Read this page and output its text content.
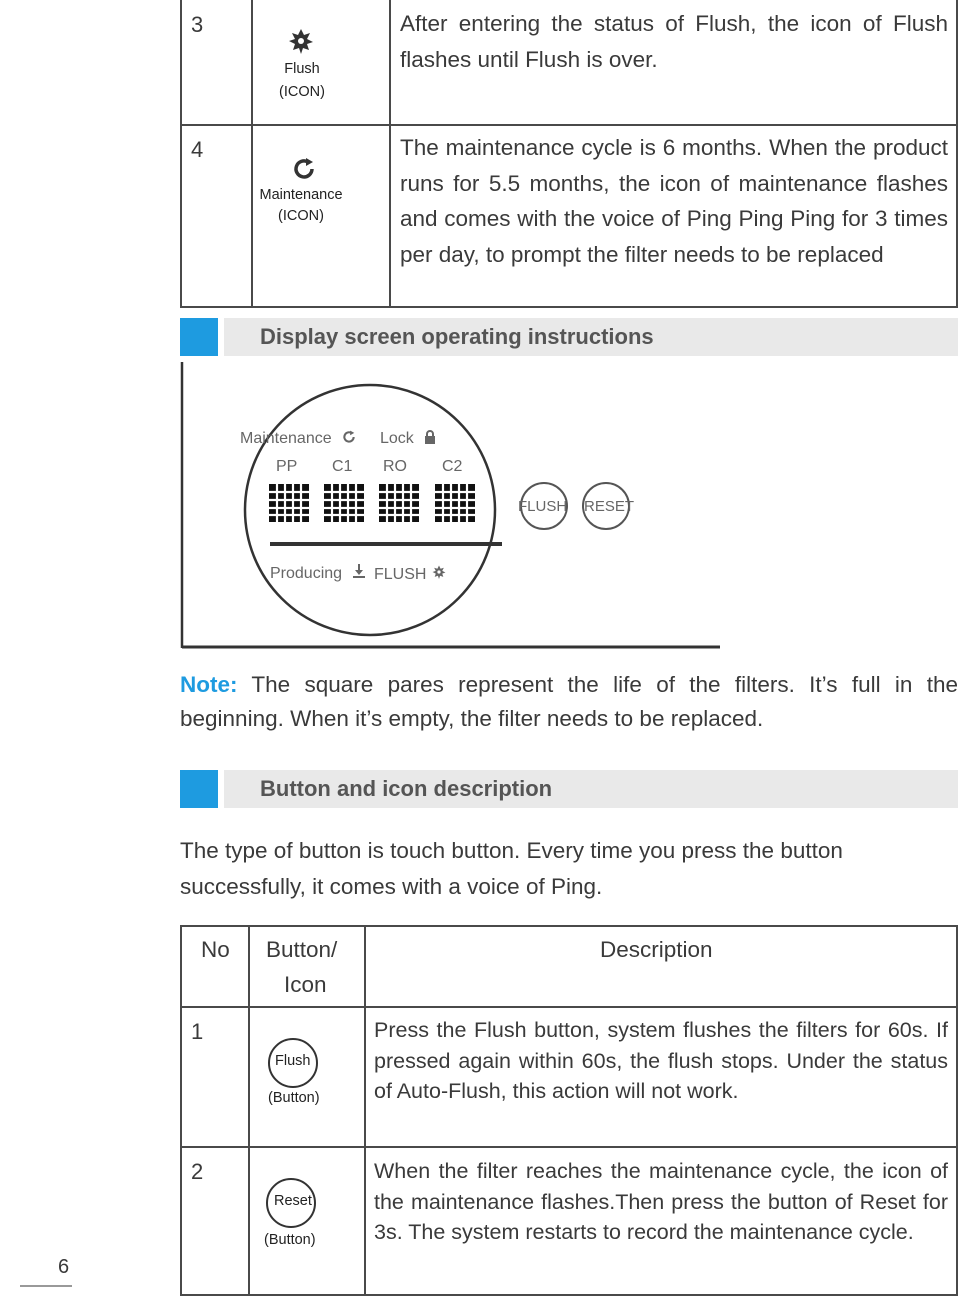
3
Flush
(ICON)
After entering the status of Flush, the icon of Flush flashes until Flush is over.
4
Maintenance
(ICON)
The maintenance cycle is 6 months. When the product runs for 5.5 months, the icon of maintenance flashes and comes with the voice of Ping Ping Ping for 3 times per day, to prompt the filter needs to be replaced
Display screen operating instructions
Maintenance	Lock
PP C1 RO C2
FLUSH RESET
Producing FLUSH
Note: The square pares represent the life of the filters. It’s full in the beginning. When it’s empty, the filter needs to be replaced.
Button and icon description
The type of button is touch button. Every time you press the button successfully, it comes with a voice of Ping.
No Button/
Icon
Description
1
Flush
(Button)
Press the Flush button, system flushes the filters for 60s. If pressed again within 60s, the flush stops. Under the status of Auto-Flush, this action will not work.
2
Reset
(Button)
When the filter reaches the maintenance cycle, the icon of the maintenance flashes.Then press the button of Reset for 3s. The system restarts to record the maintenance cycle.
6
